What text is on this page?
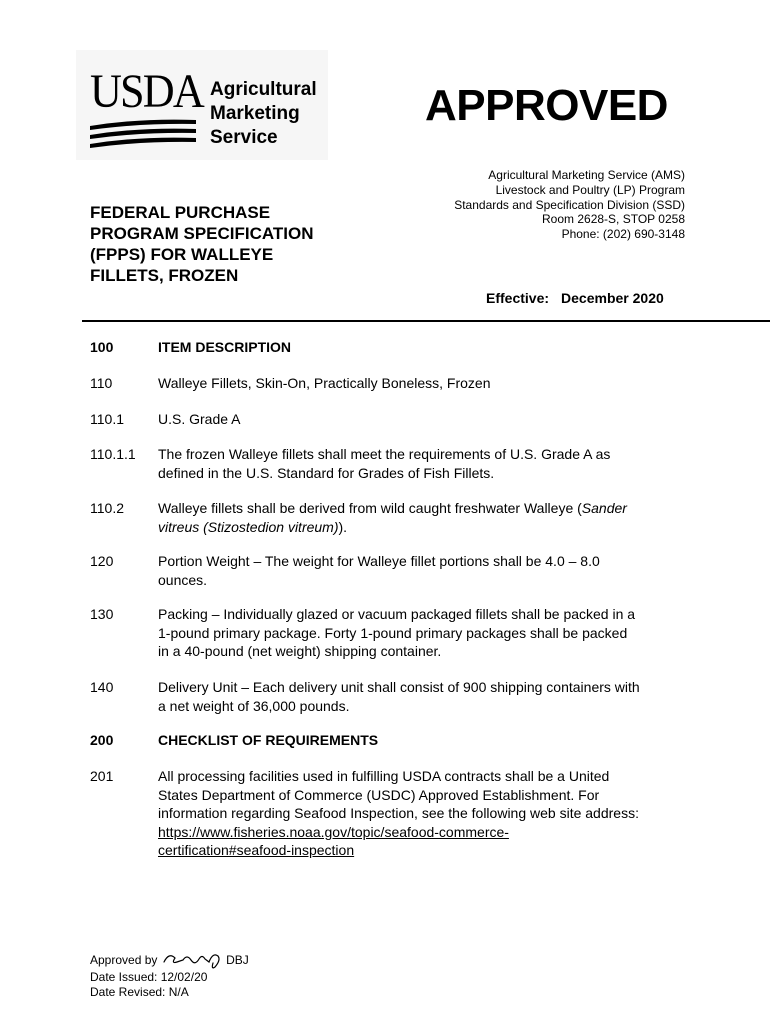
USDA Agricultural
Marketing
Service
APPROVED
Agricultural Marketing Service (AMS)
Livestock and Poultry (LP) Program
Standards and Specification Division (SSD)
Room 2628-S, STOP 0258
Phone: (202) 690-3148
FEDERAL PURCHASE
PROGRAM SPECIFICATION
(FPPS) FOR WALLEYE
FILLETS, FROZEN
Effective: December 2020
100	ITEM DESCRIPTION
110	Walleye Fillets, Skin-On, Practically Boneless, Frozen
110.1 U.S. Grade A
110.1.1 The frozen Walleye fillets shall meet the requirements of U.S. Grade A as
defined in the U.S. Standard for Grades of Fish Fillets.
110.2 Walleye fillets shall be derived from wild caught freshwater Walleye (Sander
vitreus (Stizostedion vitreum)).
120	Portion Weight – The weight for Walleye fillet portions shall be 4.0 – 8.0
ounces.
130	Packing – Individually glazed or vacuum packaged fillets shall be packed in a
1-pound primary package. Forty 1-pound primary packages shall be packed
in a 40-pound (net weight) shipping container.
140	Delivery Unit – Each delivery unit shall consist of 900 shipping containers with
a net weight of 36,000 pounds.
200	CHECKLIST OF REQUIREMENTS
201	All processing facilities used in fulfilling USDA contracts shall be a United
States Department of Commerce (USDC) Approved Establishment. For
information regarding Seafood Inspection, see the following web site address:
https://www.fisheries.noaa.gov/topic/seafood-commerce-
certification#seafood-inspection
Approved by	DBJ
Date Issued: 12/02/20
Date Revised: N/A
